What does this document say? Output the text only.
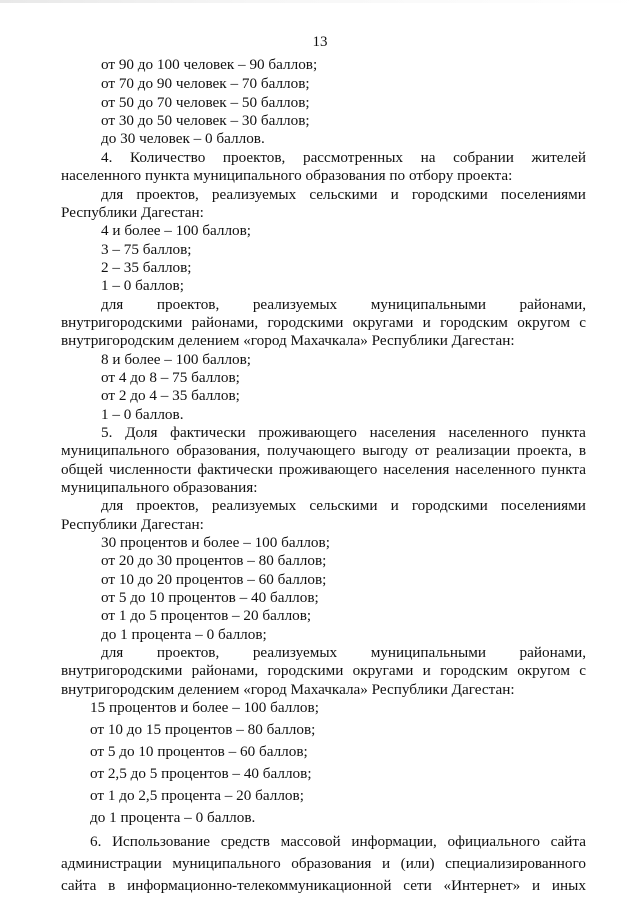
13
от 90 до 100 человек – 90 баллов;
от 70 до 90 человек – 70 баллов;
от 50 до 70 человек – 50 баллов;
от 30 до 50 человек – 30 баллов;
до 30 человек – 0 баллов.
4. Количество проектов, рассмотренных на собрании жителей
населенного пункта муниципального образования по отбору проекта:
для проектов, реализуемых сельскими и городскими поселениями
Республики Дагестан:
4 и более – 100 баллов;
3 – 75 баллов;
2 – 35 баллов;
1 – 0 баллов;
для проектов, реализуемых муниципальными районами,
внутригородскими районами, городскими округами и городским округом с
внутригородским делением «город Махачкала» Республики Дагестан:
8 и более – 100 баллов;
от 4 до 8 – 75 баллов;
от 2 до 4 – 35 баллов;
1 – 0 баллов.
5. Доля фактически проживающего населения населенного пункта
муниципального образования, получающего выгоду от реализации проекта, в
общей численности фактически проживающего населения населенного пункта
муниципального образования:
для проектов, реализуемых сельскими и городскими поселениями
Республики Дагестан:
30 процентов и более – 100 баллов;
от 20 до 30 процентов – 80 баллов;
от 10 до 20 процентов – 60 баллов;
от 5 до 10 процентов – 40 баллов;
от 1 до 5 процентов – 20 баллов;
до 1 процента – 0 баллов;
для проектов, реализуемых муниципальными районами,
внутригородскими районами, городскими округами и городским округом с
внутригородским делением «город Махачкала» Республики Дагестан:
15 процентов и более – 100 баллов;
от 10 до 15 процентов – 80 баллов;
от 5 до 10 процентов – 60 баллов;
от 2,5 до 5 процентов – 40 баллов;
от 1 до 2,5 процента – 20 баллов;
до 1 процента – 0 баллов.
6. Использование средств массовой информации, официального сайта
администрации муниципального образования и (или) специализированного
сайта в информационно-телекоммуникационной сети «Интернет» и иных
